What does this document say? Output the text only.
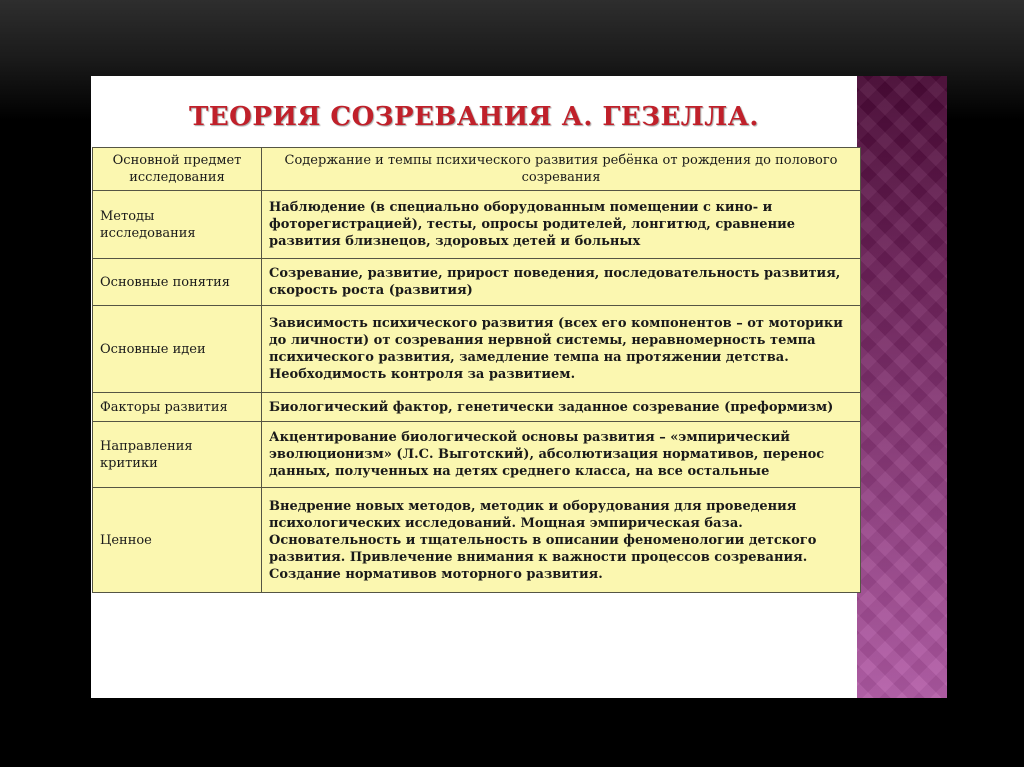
ТЕОРИЯ СОЗРЕВАНИЯ А. ГЕЗЕЛЛА.
Основной предмет исследования	Содержание и темпы психического развития ребёнка от рождения до полового созревания
Методы исследования	Наблюдение (в специально оборудованным помещении с кино- и фоторегистрацией), тесты, опросы родителей, лонгитюд, сравнение развития близнецов, здоровых детей и больных
Основные понятия	Созревание, развитие, прирост поведения, последовательность развития, скорость роста (развития)
Основные идеи	Зависимость психического развития (всех его компонентов – от моторики до личности) от созревания нервной системы, неравномерность темпа психического развития, замедление темпа на протяжении детства. Необходимость контроля за развитием.
Факторы развития	Биологический фактор, генетически заданное созревание (преформизм)
Направления критики	Акцентирование биологической основы развития – «эмпирический эволюционизм» (Л.С. Выготский), абсолютизация нормативов, перенос данных, полученных на детях среднего класса, на все остальные
Ценное	Внедрение новых методов, методик и оборудования для проведения психологических исследований. Мощная эмпирическая база. Основательность и тщательность в описании феноменологии детского развития. Привлечение внимания к важности процессов созревания. Создание нормативов моторного развития.
